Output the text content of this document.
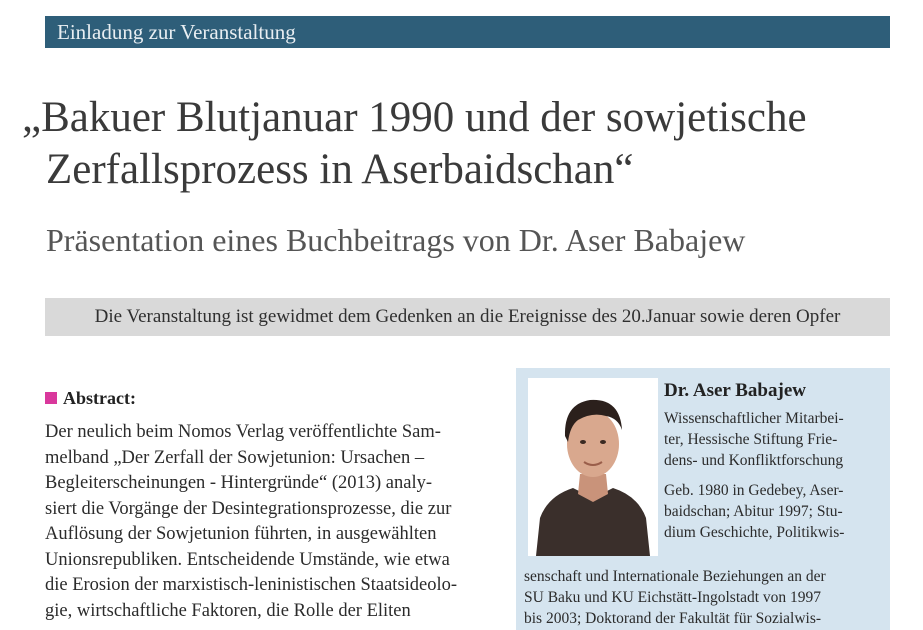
Einladung zur Veranstaltung
„Bakuer Blutjanuar 1990 und der sowjetische
Zerfallsprozess in Aserbaidschan“
Präsentation eines Buchbeitrags von Dr. Aser Babajew
Die Veranstaltung ist gewidmet dem Gedenken an die Ereignisse des 20.Januar sowie deren Opfer
Abstract:
Der neulich beim Nomos Verlag veröffentlichte Sam-
melband „Der Zerfall der Sowjetunion: Ursachen –
Begleiterscheinungen - Hintergründe“ (2013) analy-
siert die Vorgänge der Desintegrationsprozesse, die zur
Auflösung der Sowjetunion führten, in ausgewählten
Unionsrepubliken. Entscheidende Umstände, wie etwa
die Erosion der marxistisch-leninistischen Staatsideolo-
gie, wirtschaftliche Faktoren, die Rolle der Eliten
Dr. Aser Babajew
Wissenschaftlicher Mitarbei-
ter, Hessische Stiftung Frie-
dens- und Konfliktforschung
Geb. 1980 in Gedebey, Aser-
baidschan; Abitur 1997; Stu-
dium Geschichte, Politikwis-
senschaft und Internationale Beziehungen an der
SU Baku und KU Eichstätt-Ingolstadt von 1997
bis 2003; Doktorand der Fakultät für Sozialwis-
